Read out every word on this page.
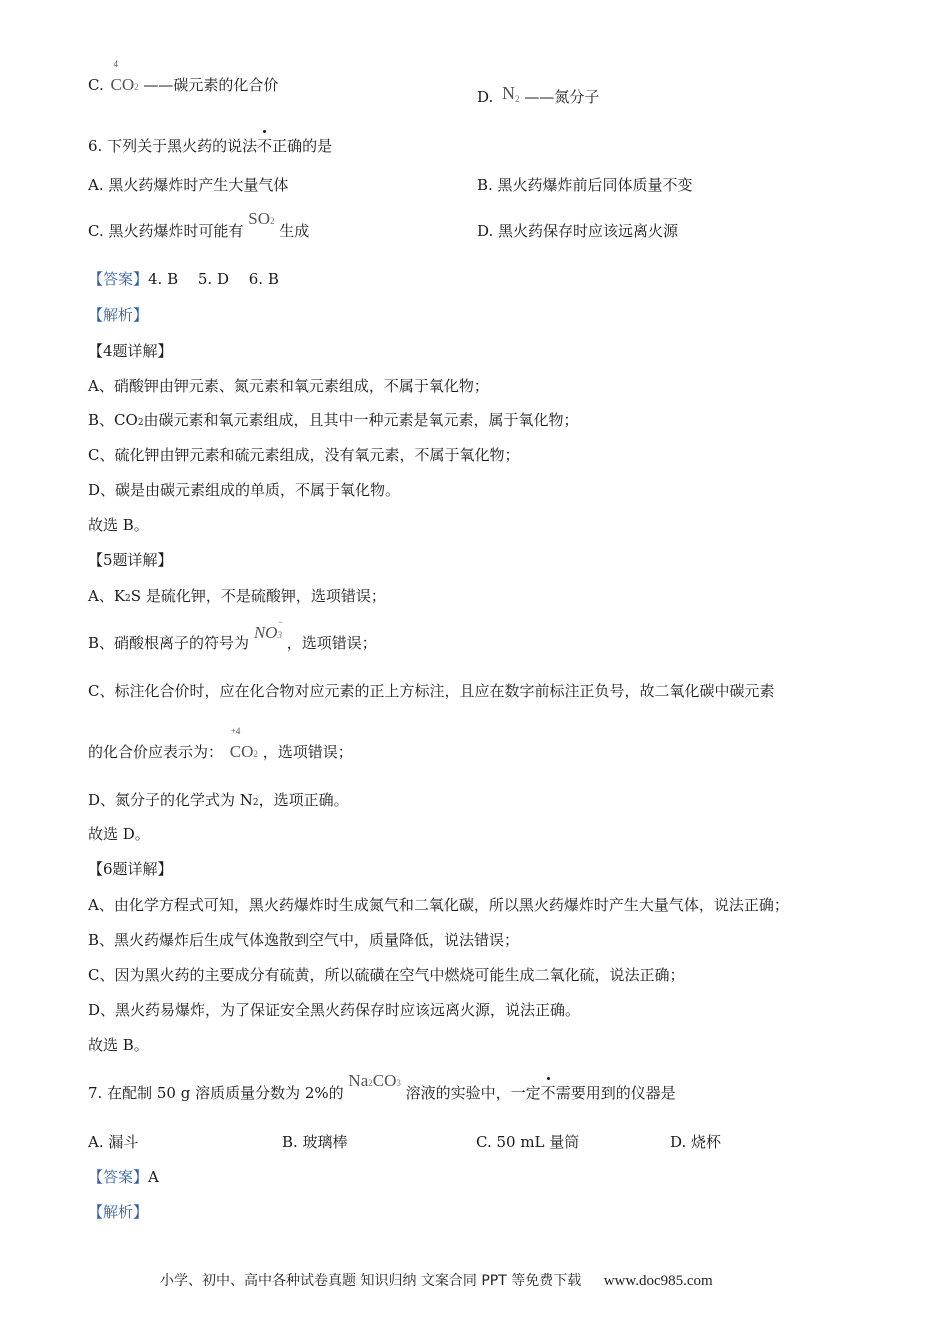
C.
4
CO2 ——碳元素的化合价
D. N2 ——氮分子
6. 下列关于黑火药的说法不正确的是
A. 黑火药爆炸时产生大量气体	B. 黑火药爆炸前后同体质量不变
C. 黑火药爆炸时可能有 SO2 生成	D. 黑火药保存时应该远离火源
【答案】4. B　 5. D　 6. B
【解析】
【4题详解】
A、硝酸钾由钾元素、氮元素和氧元素组成，不属于氧化物；
B、CO2由碳元素和氧元素组成，且其中一种元素是氧元素，属于氧化物；
C、硫化钾由钾元素和硫元素组成，没有氧元素，不属于氧化物；
D、碳是由碳元素组成的单质，不属于氧化物。
故选 B。
【5题详解】
A、K2S 是硫化钾，不是硫酸钾，选项错误；
B、硝酸根离子的符号为 NO
−
3 ，选项错误；
C、标注化合价时，应在化合物对应元素的正上方标注，且应在数字前标注正负号，故二氧化碳中碳元素
的化合价应表示为：
+4
CO2 ，选项错误；
D、氮分子的化学式为 N2，选项正确。
故选 D。
【6题详解】
A、由化学方程式可知，黑火药爆炸时生成氮气和二氧化碳，所以黑火药爆炸时产生大量气体，说法正确；
B、黑火药爆炸后生成气体逸散到空气中，质量降低，说法错误；
C、因为黑火药的主要成分有硫黄，所以硫磺在空气中燃烧可能生成二氧化硫，说法正确；
D、黑火药易爆炸，为了保证安全黑火药保存时应该远离火源，说法正确。
故选 B。
7. 在配制 50 g 溶质质量分数为 2%的 Na2CO3 溶液的实验中，一定不需要用到的仪器是
A. 漏斗	B. 玻璃棒	C. 50 mL 量筒	D. 烧杯
【答案】A
【解析】
小学、初中、高中各种试卷真题 知识归纳 文案合同 PPT 等免费下载 www.doc985.com
